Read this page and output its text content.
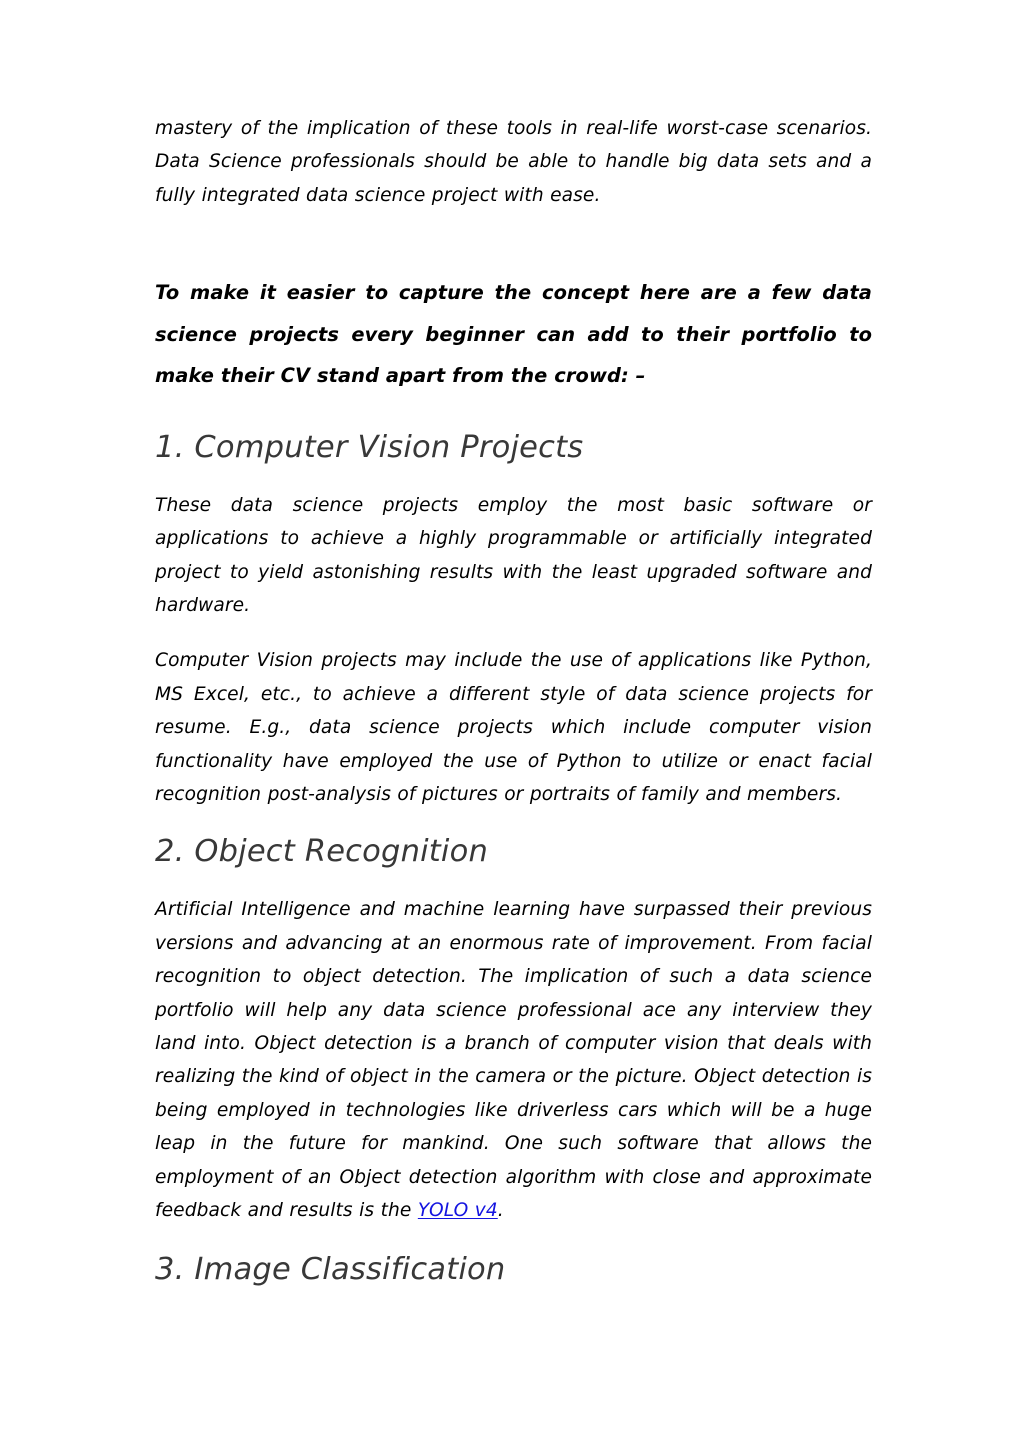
mastery of the implication of these tools in real-life worst-case scenarios. Data Science professionals should be able to handle big data sets and a fully integrated data science project with ease.

To make it easier to capture the concept here are a few data science projects every beginner can add to their portfolio to make their CV stand apart from the crowd: –

1. Computer Vision Projects

These data science projects employ the most basic software or applications to achieve a highly programmable or artificially integrated project to yield astonishing results with the least upgraded software and hardware.

Computer Vision projects may include the use of applications like Python, MS Excel, etc., to achieve a different style of data science projects for resume. E.g., data science projects which include computer vision functionality have employed the use of Python to utilize or enact facial recognition post-analysis of pictures or portraits of family and members.

2. Object Recognition

Artificial Intelligence and machine learning have surpassed their previous versions and advancing at an enormous rate of improvement. From facial recognition to object detection. The implication of such a data science portfolio will help any data science professional ace any interview they land into. Object detection is a branch of computer vision that deals with realizing the kind of object in the camera or the picture. Object detection is being employed in technologies like driverless cars which will be a huge leap in the future for mankind. One such software that allows the employment of an Object detection algorithm with close and approximate feedback and results is the YOLO v4.

3. Image Classification
